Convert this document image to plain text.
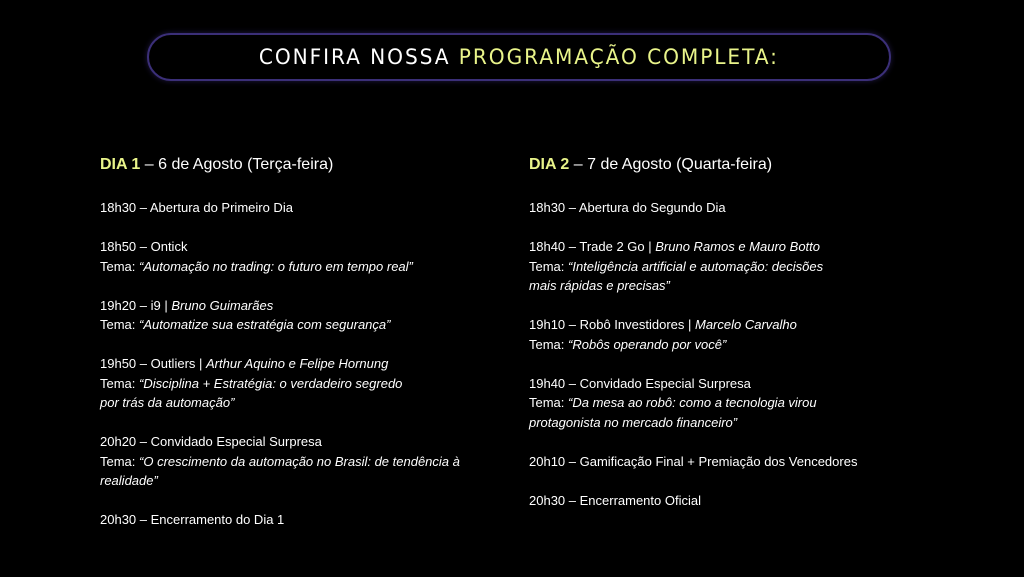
CONFIRA NOSSA PROGRAMAÇÃO COMPLETA:
DIA 1 – 6 de Agosto (Terça-feira)
18h30 – Abertura do Primeiro Dia
18h50 – Ontick
Tema: “Automação no trading: o futuro em tempo real”
19h20 – i9 | Bruno Guimarães
Tema: “Automatize sua estratégia com segurança”
19h50 – Outliers | Arthur Aquino e Felipe Hornung
Tema: “Disciplina + Estratégia: o verdadeiro segredo
por trás da automação”
20h20 – Convidado Especial Surpresa
Tema: “O crescimento da automação no Brasil: de tendência à
realidade”
20h30 – Encerramento do Dia 1
DIA 2 – 7 de Agosto (Quarta-feira)
18h30 – Abertura do Segundo Dia
18h40 – Trade 2 Go | Bruno Ramos e Mauro Botto
Tema: “Inteligência artificial e automação: decisões
mais rápidas e precisas”
19h10 – Robô Investidores | Marcelo Carvalho
Tema: “Robôs operando por você”
19h40 – Convidado Especial Surpresa
Tema: “Da mesa ao robô: como a tecnologia virou
protagonista no mercado financeiro”
20h10 – Gamificação Final + Premiação dos Vencedores
20h30 – Encerramento Oficial
